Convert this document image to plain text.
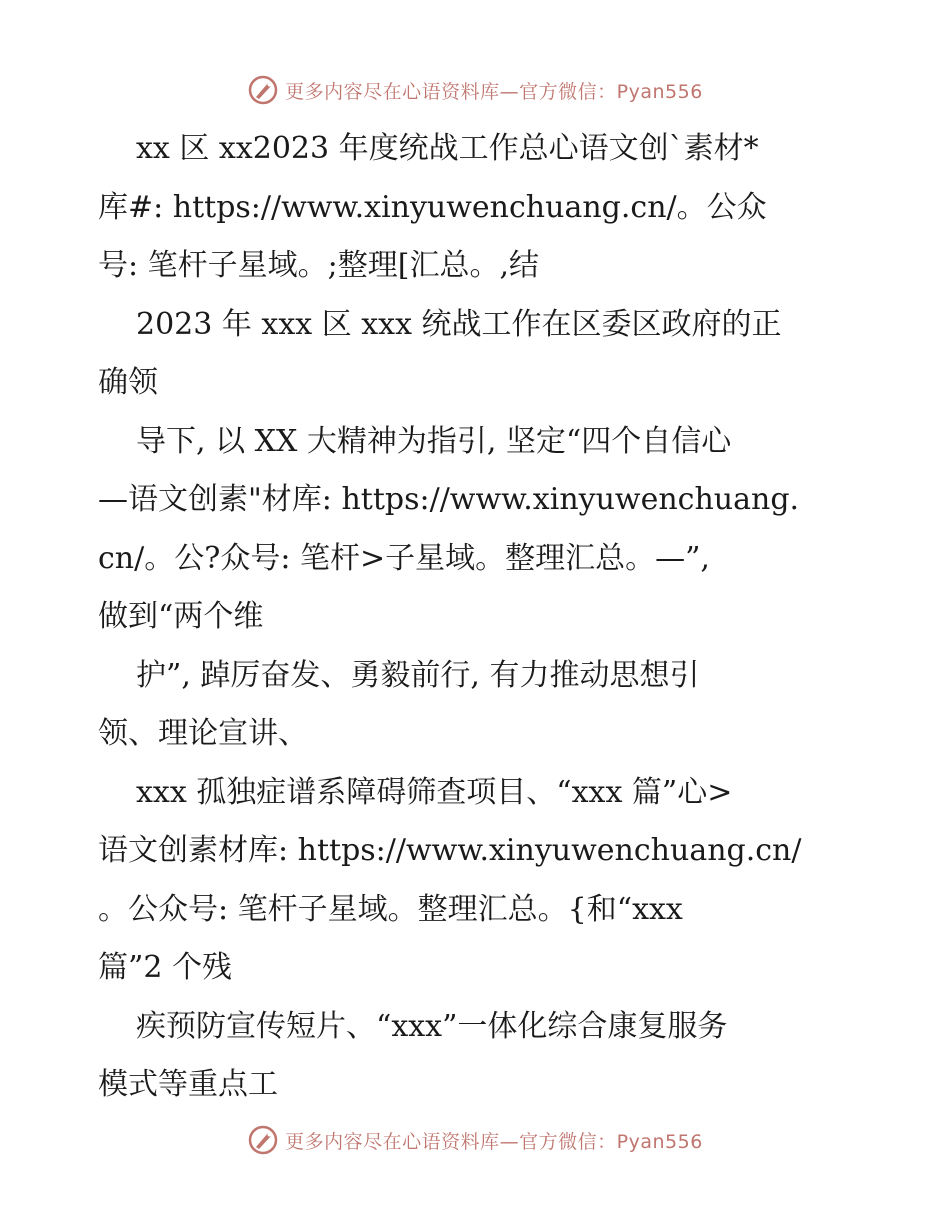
更多内容尽在心语资料库—官方微信：Pyan556
xx 区 xx2023 年度统战工作总心语文创`素材*
库#: https://www.xinyuwenchuang.cn/。公众
号: 笔杆子星域。;整理[汇总。,结
2023 年 xxx 区 xxx 统战工作在区委区政府的正
确领
导下, 以 XX 大精神为指引, 坚定“四个自信心
—语文创素"材库: https://www.xinyuwenchuang.
cn/。公?众号: 笔杆>子星域。整理汇总。—”,
做到“两个维
护”, 踔厉奋发、勇毅前行, 有力推动思想引
领、理论宣讲、
xxx 孤独症谱系障碍筛查项目、“xxx 篇”心>
语文创素材库: https://www.xinyuwenchuang.cn/
。公众号: 笔杆子星域。整理汇总。{和“xxx
篇”2 个残
疾预防宣传短片、“xxx”一体化综合康复服务
模式等重点工
更多内容尽在心语资料库—官方微信：Pyan556
